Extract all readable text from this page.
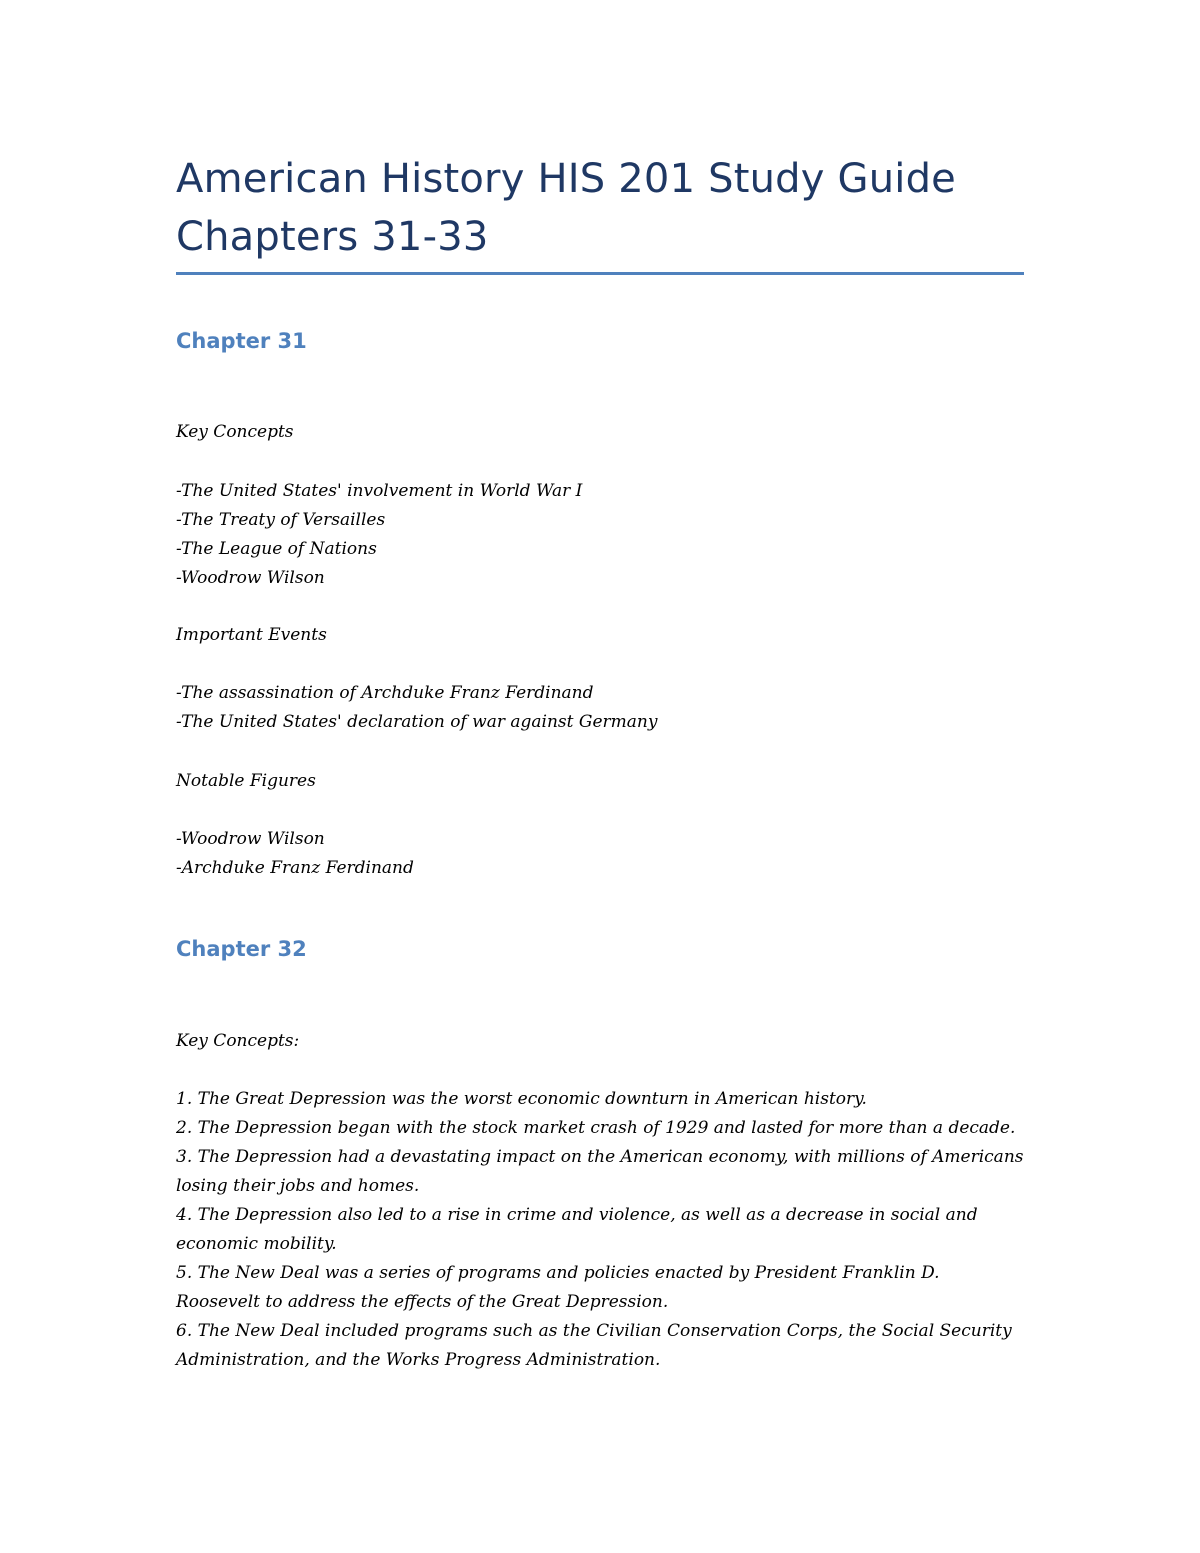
American History HIS 201 Study Guide
Chapters 31-33
Chapter 31

Key Concepts

-The United States' involvement in World War I
-The Treaty of Versailles
-The League of Nations
-Woodrow Wilson

Important Events

-The assassination of Archduke Franz Ferdinand
-The United States' declaration of war against Germany

Notable Figures

-Woodrow Wilson
-Archduke Franz Ferdinand
Chapter 32

Key Concepts:

1. The Great Depression was the worst economic downturn in American history.
2. The Depression began with the stock market crash of 1929 and lasted for more than a decade.
3. The Depression had a devastating impact on the American economy, with millions of Americans losing their jobs and homes.
4. The Depression also led to a rise in crime and violence, as well as a decrease in social and economic mobility.
5. The New Deal was a series of programs and policies enacted by President Franklin D. Roosevelt to address the effects of the Great Depression.
6. The New Deal included programs such as the Civilian Conservation Corps, the Social Security Administration, and the Works Progress Administration.
